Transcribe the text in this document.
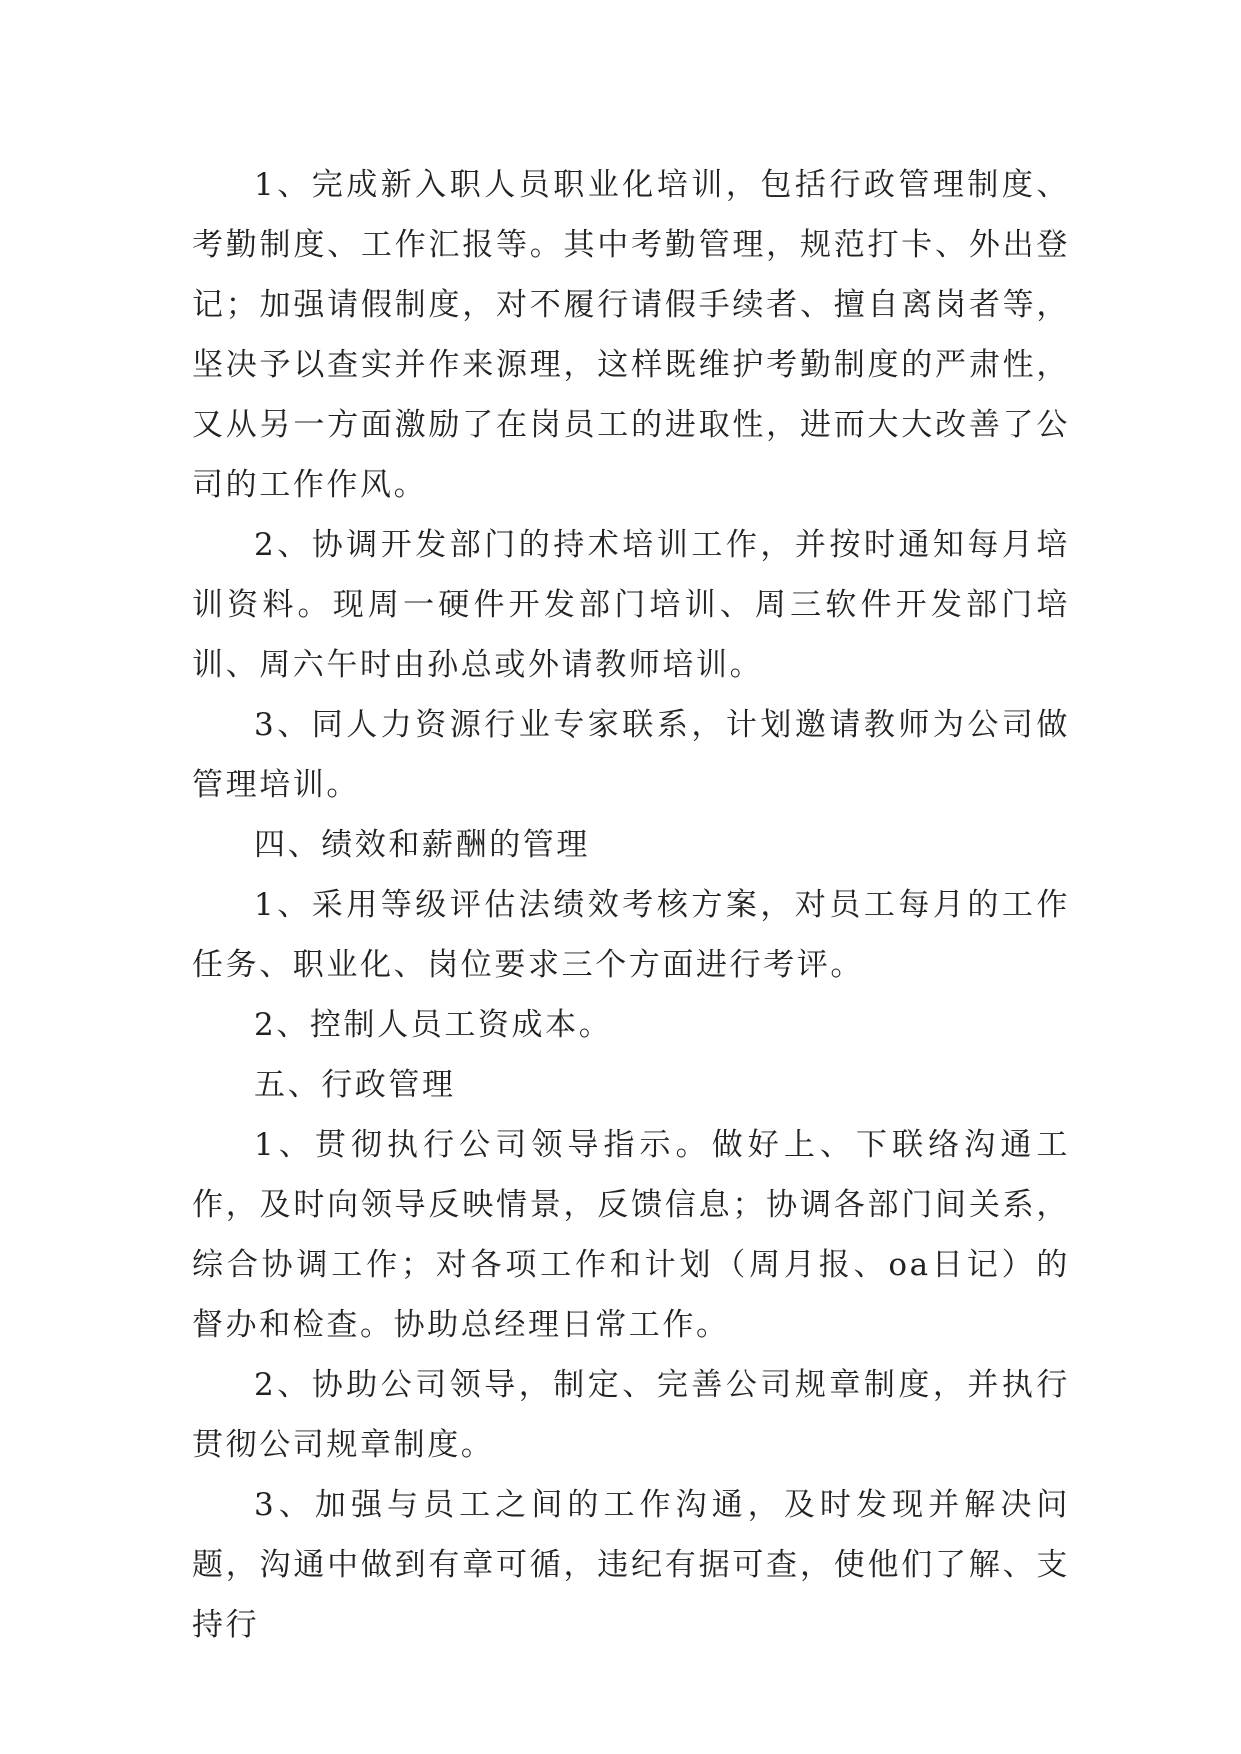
1、完成新入职人员职业化培训，包括行政管理制度、考勤制度、工作汇报等。其中考勤管理，规范打卡、外出登记；加强请假制度，对不履行请假手续者、擅自离岗者等，坚决予以查实并作来源理，这样既维护考勤制度的严肃性，又从另一方面激励了在岗员工的进取性，进而大大改善了公司的工作作风。

2、协调开发部门的持术培训工作，并按时通知每月培训资料。现周一硬件开发部门培训、周三软件开发部门培训、周六午时由孙总或外请教师培训。

3、同人力资源行业专家联系，计划邀请教师为公司做管理培训。

四、绩效和薪酬的管理

1、采用等级评估法绩效考核方案，对员工每月的工作任务、职业化、岗位要求三个方面进行考评。

2、控制人员工资成本。

五、行政管理

1、贯彻执行公司领导指示。做好上、下联络沟通工作，及时向领导反映情景，反馈信息；协调各部门间关系，综合协调工作；对各项工作和计划（周月报、oa日记）的督办和检查。协助总经理日常工作。

2、协助公司领导，制定、完善公司规章制度，并执行贯彻公司规章制度。

3、加强与员工之间的工作沟通，及时发现并解决问题，沟通中做到有章可循，违纪有据可查，使他们了解、支持行
